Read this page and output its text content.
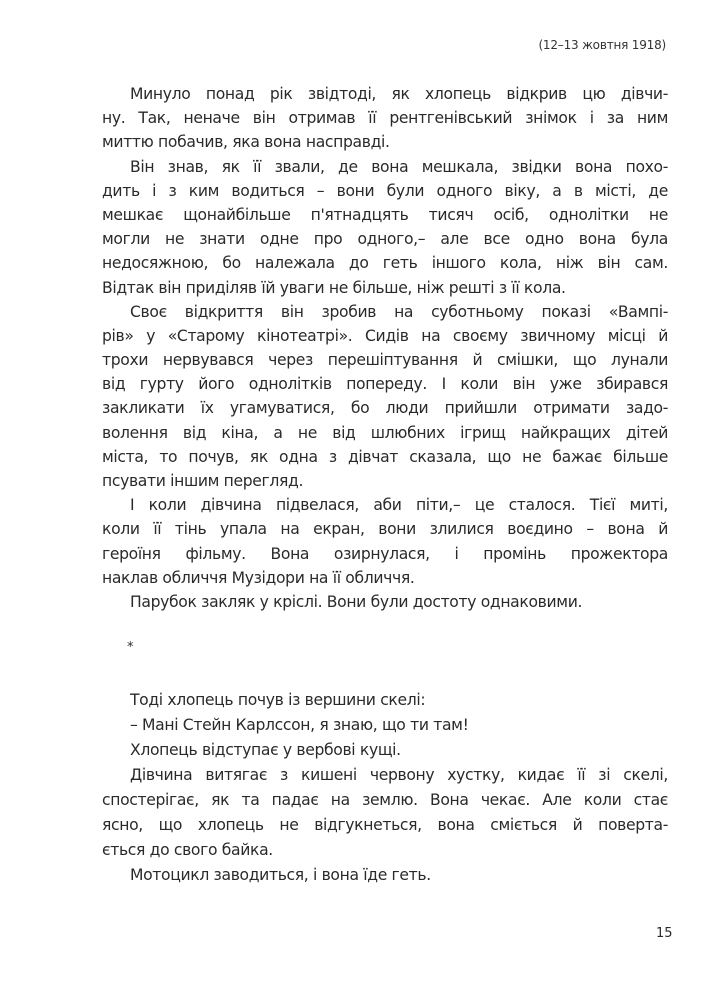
(12–13 жовтня 1918)
Минуло понад рік звідтоді, як хлопець відкрив цю дівчи-
ну. Так, неначе він отримав її рентгенівський знімок і за ним
миттю побачив, яка вона насправді.
Він знав, як її звали, де вона мешкала, звідки вона похо-
дить і з ким водиться – вони були одного віку, а в місті, де
мешкає щонайбільше п'ятнадцять тисяч осіб, однолітки не
могли не знати одне про одного,– але все одно вона була
недосяжною, бо належала до геть іншого кола, ніж він сам.
Відтак він приділяв їй уваги не більше, ніж решті з її кола.
Своє відкриття він зробив на суботньому показі «Вампі-
рів» у «Старому кінотеатрі». Сидів на своєму звичному місці й
трохи нервувався через перешіптування й смішки, що лунали
від гурту його однолітків попереду. І коли він уже збирався
закликати їх угамуватися, бо люди прийшли отримати задо-
волення від кіна, а не від шлюбних ігрищ найкращих дітей
міста, то почув, як одна з дівчат сказала, що не бажає більше
псувати іншим перегляд.
І коли дівчина підвелася, аби піти,– це сталося. Тієї миті,
коли її тінь упала на екран, вони злилися воєдино – вона й
героїня фільму. Вона озирнулася, і промінь прожектора
наклав обличчя Музідори на її обличчя.
Парубок закляк у кріслі. Вони були достоту однаковими.
*
Тоді хлопець почув із вершини скелі:
– Мані Стейн Карлссон, я знаю, що ти там!
Хлопець відступає у вербові кущі.
Дівчина витягає з кишені червону хустку, кидає її зі скелі,
спостерігає, як та падає на землю. Вона чекає. Але коли стає
ясно, що хлопець не відгукнеться, вона сміється й поверта-
ється до свого байка.
Мотоцикл заводиться, і вона їде геть.
15
